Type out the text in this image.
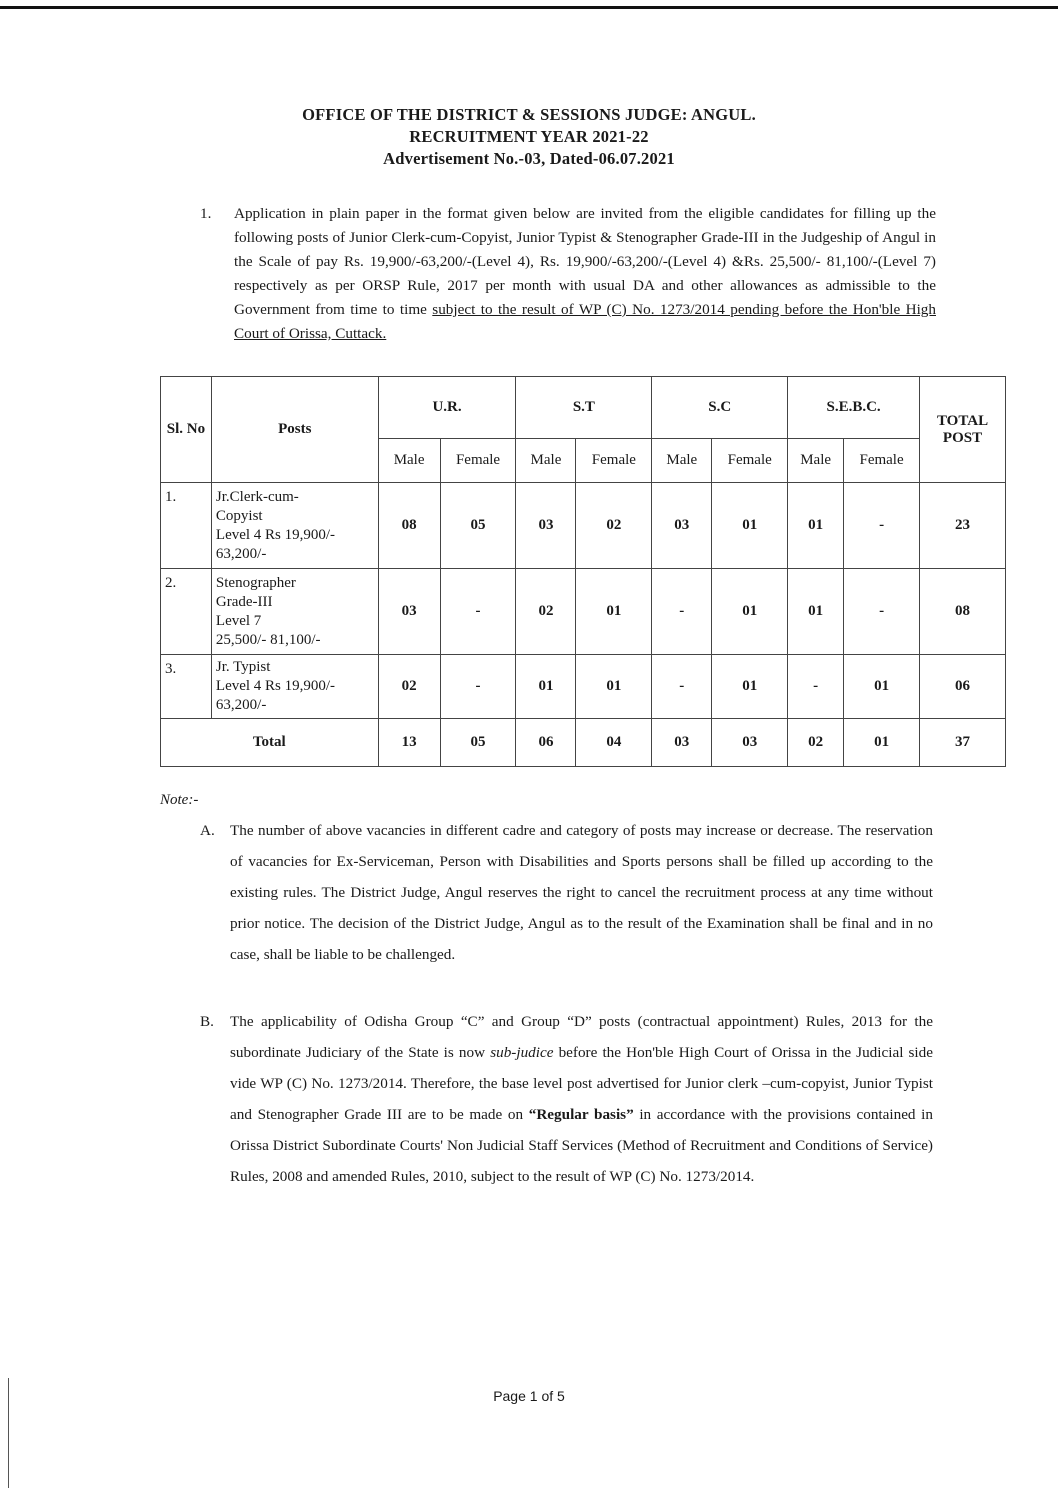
OFFICE OF THE DISTRICT & SESSIONS JUDGE: ANGUL.
RECRUITMENT YEAR 2021-22
Advertisement No.-03, Dated-06.07.2021
1. Application in plain paper in the format given below are invited from the eligible candidates for filling up the following posts of Junior Clerk-cum-Copyist, Junior Typist & Stenographer Grade-III in the Judgeship of Angul in the Scale of pay Rs. 19,900/-63,200/-(Level 4), Rs. 19,900/-63,200/-(Level 4) &Rs. 25,500/- 81,100/-(Level 7) respectively as per ORSP Rule, 2017 per month with usual DA and other allowances as admissible to the Government from time to time subject to the result of WP (C) No. 1273/2014 pending before the Hon'ble High Court of Orissa, Cuttack.
Sl. No	Posts	U.R.		S.T		S.C		S.E.B.C.		TOTAL POST
		Male	Female	Male	Female	Male	Female	Male	Female	
1.	Jr.Clerk-cum-
Copyist
Level 4 Rs 19,900/-
63,200/-	08	05	03	02	03	01	01	-	23
2.	Stenographer
Grade-III
Level 7
25,500/- 81,100/-	03	-	02	01	-	01	01	-	08
3.	Jr. Typist
Level 4 Rs 19,900/-
63,200/-	02	-	01	01	-	01	-	01	06
Total		13	05	06	04	03	03	02	01	37
Note:-
A. The number of above vacancies in different cadre and category of posts may increase or decrease. The reservation of vacancies for Ex-Serviceman, Person with Disabilities and Sports persons shall be filled up according to the existing rules. The District Judge, Angul reserves the right to cancel the recruitment process at any time without prior notice. The decision of the District Judge, Angul as to the result of the Examination shall be final and in no case, shall be liable to be challenged.
B. The applicability of Odisha Group “C” and Group “D” posts (contractual appointment) Rules, 2013 for the subordinate Judiciary of the State is now sub-judice before the Hon'ble High Court of Orissa in the Judicial side vide WP (C) No. 1273/2014. Therefore, the base level post advertised for Junior clerk –cum-copyist, Junior Typist and Stenographer Grade III are to be made on “Regular basis” in accordance with the provisions contained in Orissa District Subordinate Courts' Non Judicial Staff Services (Method of Recruitment and Conditions of Service) Rules, 2008 and amended Rules, 2010, subject to the result of WP (C) No. 1273/2014.
Page 1 of 5
